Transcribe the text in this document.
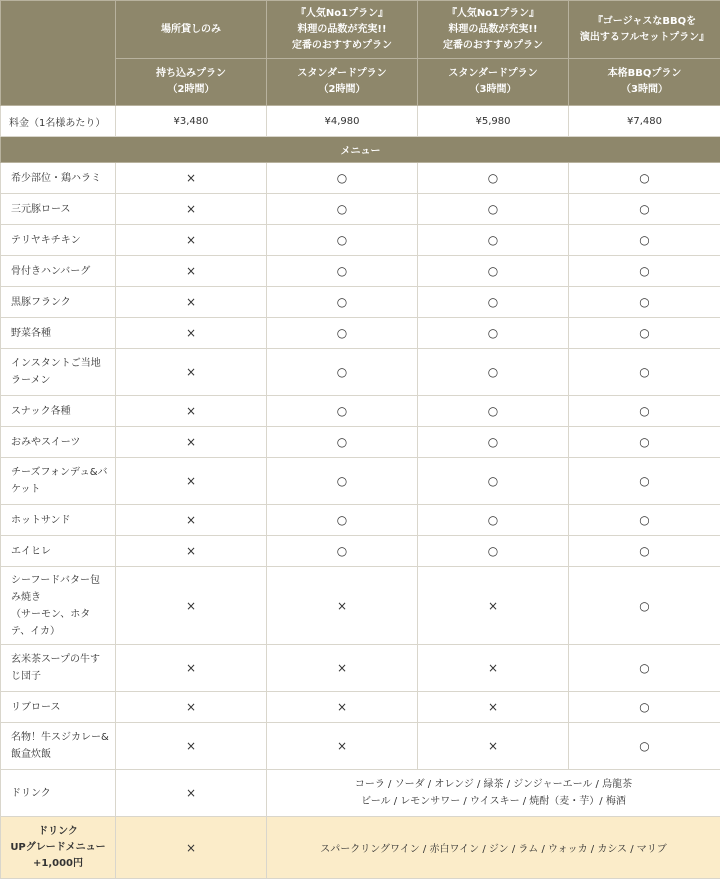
	場所貸しのみ	『人気No1プラン』
料理の品数が充実!!
定番のおすすめプラン	『人気No1プラン』
料理の品数が充実!!
定番のおすすめプラン	『ゴージャスなBBQを
演出するフルセットプラン』
	持ち込みプラン
（2時間）	スタンダードプラン
（2時間）	スタンダードプラン
（3時間）	本格BBQプラン
（3時間）
料金（1名様あたり）	¥3,480	¥4,980	¥5,980	¥7,480
メニュー				
希少部位・鶏ハラミ	×	○	○	○
三元豚ロース	×	○	○	○
テリヤキチキン	×	○	○	○
骨付きハンバーグ	×	○	○	○
黒豚フランク	×	○	○	○
野菜各種	×	○	○	○
インスタントご当地
ラーメン	×	○	○	○
スナック各種	×	○	○	○
おみやスイーツ	×	○	○	○
チーズフォンデュ&バ
ケット	×	○	○	○
ホットサンド	×	○	○	○
エイヒレ	×	○	○	○
シーフードバター包
み焼き
（サーモン、ホタ
テ、イカ）	×	×	×	○
玄米茶スープの牛す
じ団子	×	×	×	○
リブロース	×	×	×	○
名物！牛スジカレー&
飯盒炊飯	×	×	×	○
ドリンク	×	コーラ / ソーダ / オレンジ / 緑茶 / ジンジャーエール / 烏龍茶
ビール / レモンサワー / ウイスキー / 焼酎（麦・芋）/ 梅酒		

ドリンク
UPグレードメニュー
+1,000円	×	スパークリングワイン / 赤白ワイン / ジン / ラム / ウォッカ / カシス / マリブ		
